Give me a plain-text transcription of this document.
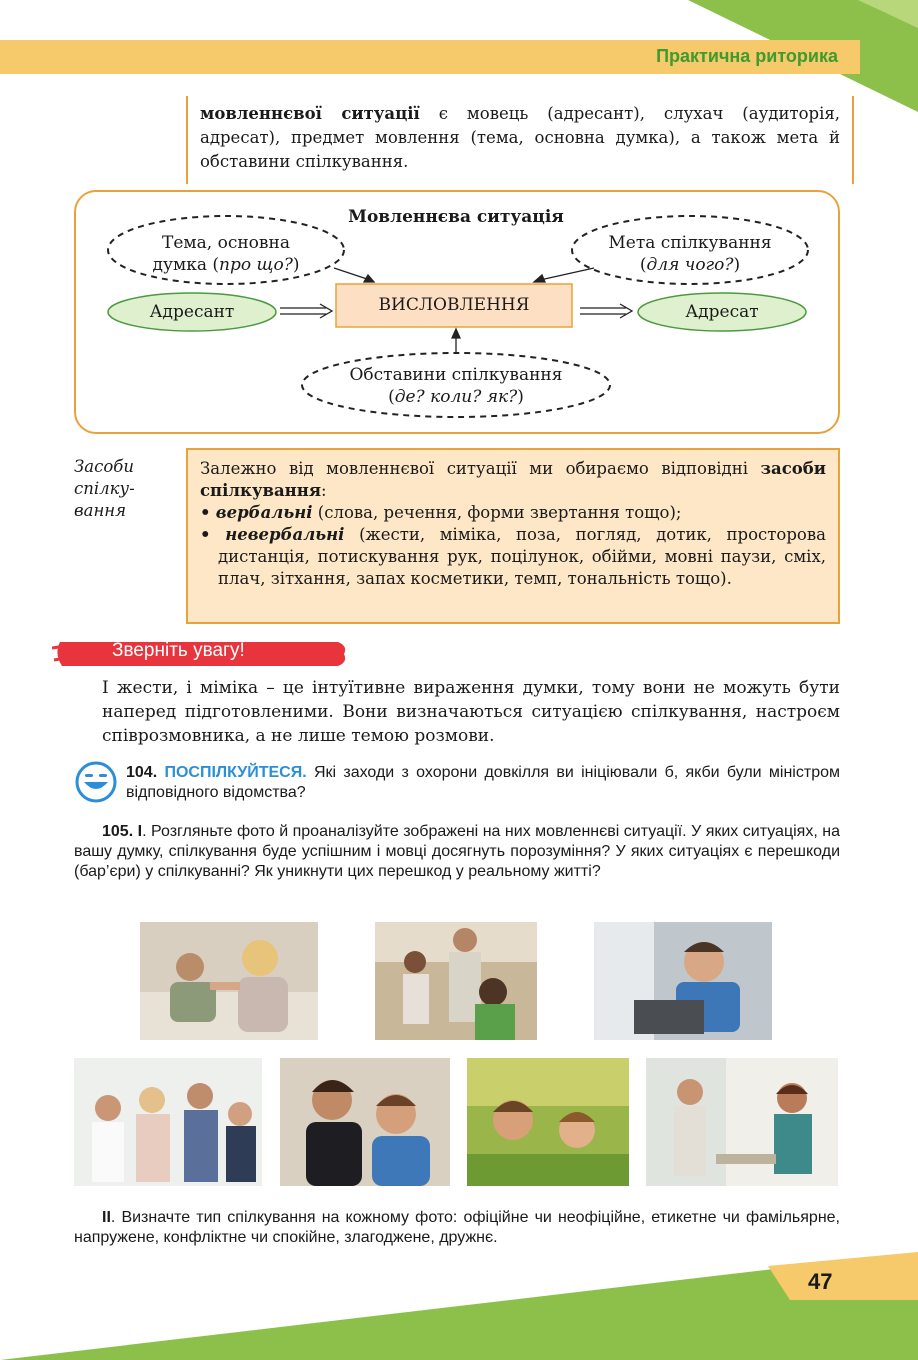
Практична риторика
мовленнєвої ситуації є мовець (адресант), слухач (аудиторія, адресат), предмет мовлення (тема, основна думка), а також мета й обставини спілкування.
Мовленнєва ситуація
Тема, основна
думка (про що?)
Мета спілкування
(для чого?)
Адресант	ВИСЛОВЛЕННЯ	Адресат
Обставини спілкування
(де? коли? як?)
Засоби
спілку-
вання
Залежно від мовленнєвої ситуації ми обираємо відповідні засоби спілкування:
• вербальні (слова, речення, форми звертання тощо);
• невербальні (жести, міміка, поза, погляд, дотик, просторова дистанція, потискування рук, поцілунок, обійми, мовні паузи, сміх, плач, зітхання, запах косметики, темп, тональність тощо).
Зверніть увагу!
І жести, і міміка – це інтуїтивне вираження думки, тому вони не можуть бути наперед підготовленими. Вони визначаються ситуацією спілкування, настроєм співрозмовника, а не лише темою розмови.
104. ПОСПІЛКУЙТЕСЯ. Які заходи з охорони довкілля ви ініціювали б, якби були міністром відповідного відомства?
105. І. Розгляньте фото й проаналізуйте зображені на них мовленнєві ситуації. У яких ситуаціях, на вашу думку, спілкування буде успішним і мовці досягнуть порозуміння? У яких ситуаціях є перешкоди (бар’єри) у спілкуванні? Як уникнути цих перешкод у реальному житті?
II. Визначте тип спілкування на кожному фото: офіційне чи неофіційне, етикетне чи фамільярне, напружене, конфліктне чи спокійне, злагоджене, дружнє.
47
